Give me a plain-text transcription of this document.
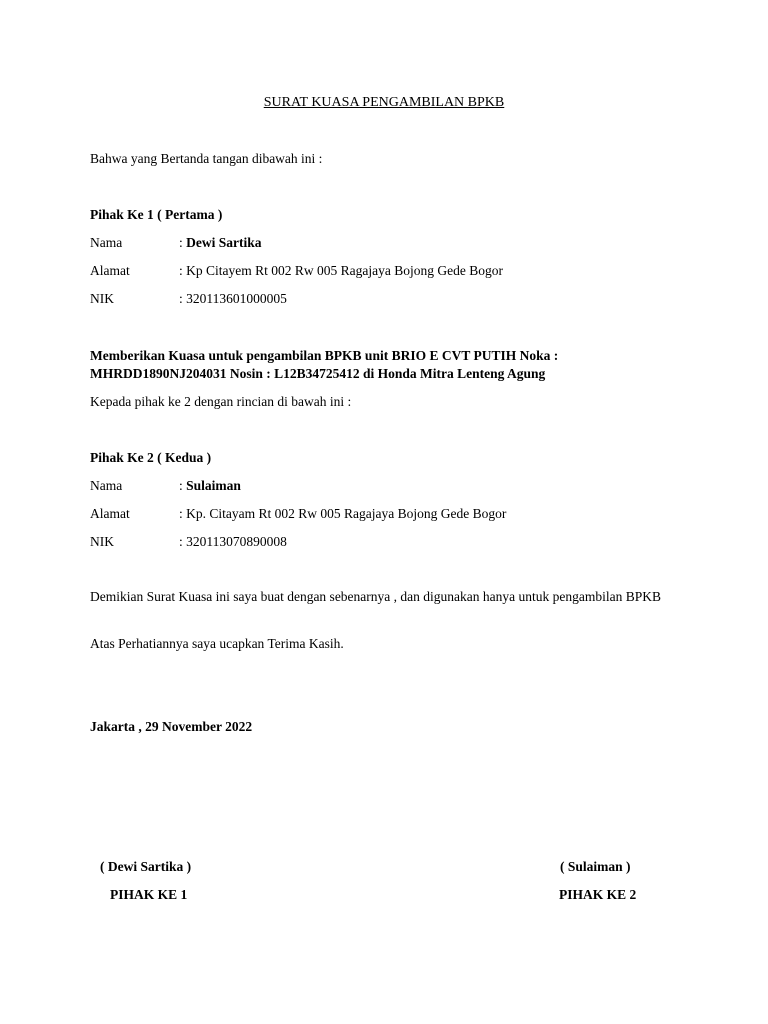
SURAT KUASA PENGAMBILAN BPKB
Bahwa yang Bertanda tangan dibawah ini :
Pihak Ke 1 ( Pertama )
Nama	: Dewi Sartika
Alamat	: Kp Citayem Rt 002 Rw 005 Ragajaya Bojong Gede Bogor
NIK	: 320113601000005
Memberikan Kuasa untuk pengambilan BPKB unit BRIO E CVT PUTIH Noka :
MHRDD1890NJ204031 Nosin : L12B34725412 di Honda Mitra Lenteng Agung
Kepada pihak ke 2 dengan rincian di bawah ini :
Pihak Ke 2 ( Kedua )
Nama	: Sulaiman
Alamat	: Kp. Citayam Rt 002 Rw 005 Ragajaya Bojong Gede Bogor
NIK	: 320113070890008
Demikian Surat Kuasa ini saya buat dengan sebenarnya , dan digunakan hanya untuk pengambilan BPKB
Atas Perhatiannya saya ucapkan Terima Kasih.
Jakarta , 29 November 2022
( Dewi Sartika )
PIHAK KE 1
( Sulaiman )
PIHAK KE 2
